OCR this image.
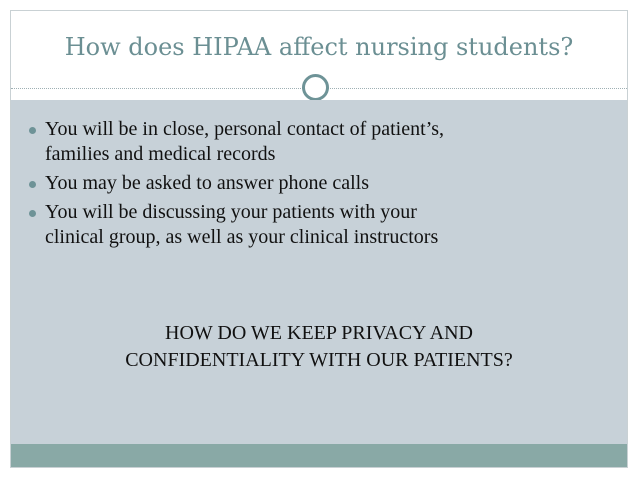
How does HIPAA affect nursing students?
You will be in close, personal contact of patient’s,
families and medical records
You may be asked to answer phone calls
You will be discussing your patients with your
clinical group, as well as your clinical instructors
HOW DO WE KEEP PRIVACY AND
CONFIDENTIALITY WITH OUR PATIENTS?
